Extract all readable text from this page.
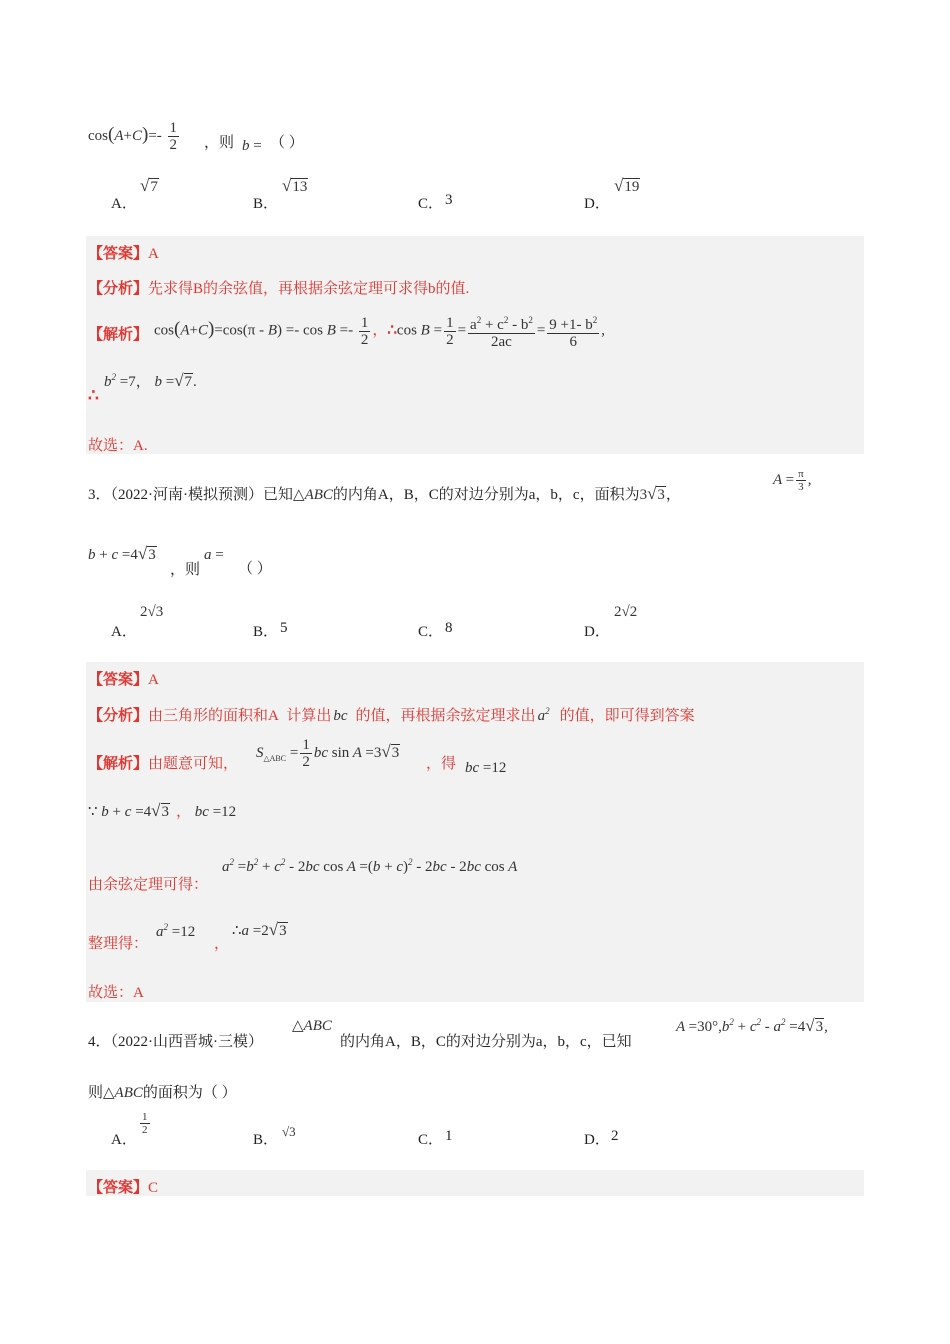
$\cos(A+C)=- \frac{1}{2}$ ，则 b = （ ）
A．
√7
B．
√13
C． 3	D．
√19
【答案】A
【分析】先求得B的余弦值，再根据余弦定理可求得b的值.
【解析】 $\cos(A+C)=\cos(\pi - B) =- \cos B =- \frac{1}{2}$ ，∴cos $B = \frac{1}{2} = \frac{a^2 + c^2 - b^2}{2ac} = \frac{9 +1- b^2}{6}$ ,
∴
$b^2 =7$， b =√7.
故选：A.
3．（2022·河南·模拟预测）已知△ABC的内角A，B，C的对边分别为a，b，c，面积为3√3，
$A = \frac{\pi}{3}$ ,
b + c =4√3
，则
a =
（ ）
A．
2√3
B． 5	C． 8	D．
2√2
【答案】A
【分析】由三角形的面积和A 计算出 bc 的值，再根据余弦定理求出 $a^2$ 的值，即可得到答案
【解析】由题意可知，
$S_{\triangle ABC} = \frac{1}{2}$ bc sin A =3√3
，得 bc =12
∵ b + c =4√3 ， bc =12
由余弦定理可得：
$a^2 =b^2 + c^2 - 2bc$ $\cos A =(b + c)^2 - 2bc - 2bc$ cos A
整理得：
$a^2 =12$
，
∴a =2√3
故选：A
4．（2022·山西晋城·三模）
△ABC
的内角A，B，C的对边分别为a，b，c，已知
$A =30^\circ,b^2 + c^2 - a^2 =4√3$,
则△ABC的面积为（ ）
A．
$\frac{1}{2}$
B．
√3
C． 1	D． 2
【答案】C
